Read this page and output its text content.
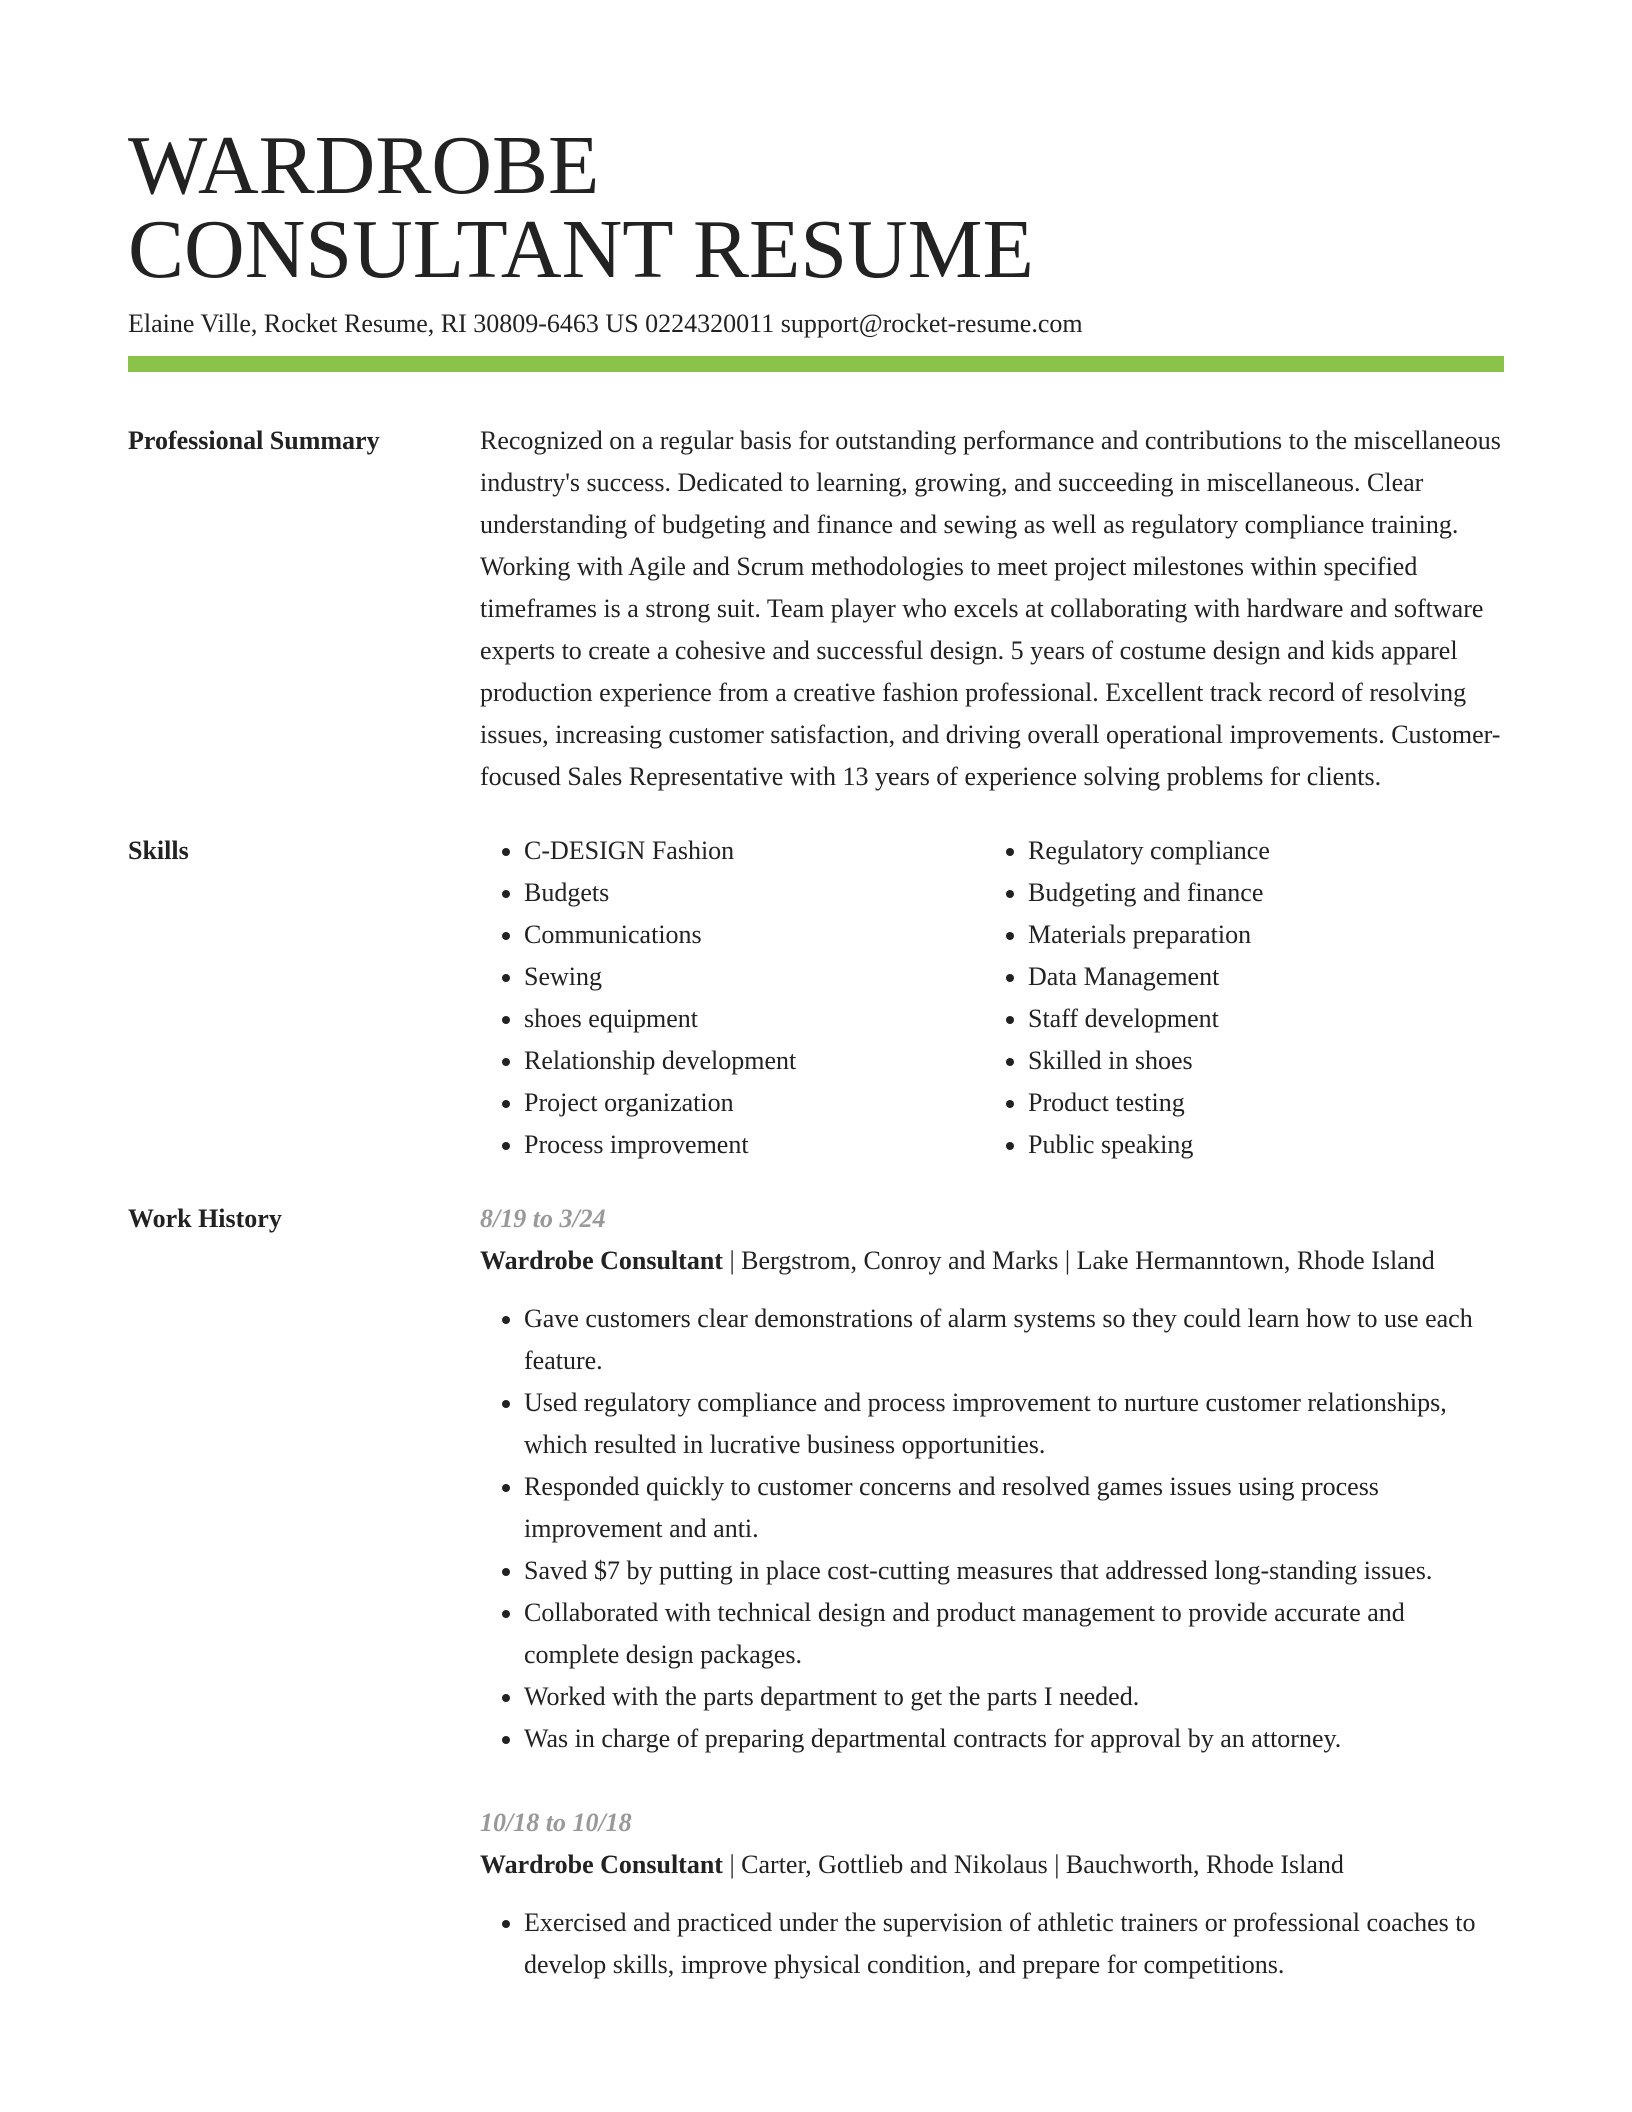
WARDROBE
CONSULTANT RESUME
Elaine Ville, Rocket Resume, RI 30809-6463 US 0224320011 support@rocket-resume.com
Professional Summary	Recognized on a regular basis for outstanding performance and contributions to the miscellaneous industry's success. Dedicated to learning, growing, and succeeding in miscellaneous. Clear understanding of budgeting and finance and sewing as well as regulatory compliance training. Working with Agile and Scrum methodologies to meet project milestones within specified timeframes is a strong suit. Team player who excels at collaborating with hardware and software experts to create a cohesive and successful design. 5 years of costume design and kids apparel production experience from a creative fashion professional. Excellent track record of resolving issues, increasing customer satisfaction, and driving overall operational improvements. Customer-focused Sales Representative with 13 years of experience solving problems for clients.

Skills
•	C-DESIGN Fashion
• Budgets
• Communications
• Sewing
• shoes equipment
• Relationship development
• Project organization
• Process improvement
• Regulatory compliance
• Budgeting and finance
• Materials preparation
• Data Management
• Staff development
• Skilled in shoes
• Product testing
• Public speaking
Work History	8/19 to 3/24
Wardrobe Consultant | Bergstrom, Conroy and Marks | Lake Hermanntown, Rhode Island
• Gave customers clear demonstrations of alarm systems so they could learn how to use each feature.
• Used regulatory compliance and process improvement to nurture customer relationships, which resulted in lucrative business opportunities.
• Responded quickly to customer concerns and resolved games issues using process improvement and anti.
• Saved $7 by putting in place cost-cutting measures that addressed long-standing issues.
• Collaborated with technical design and product management to provide accurate and complete design packages.
• Worked with the parts department to get the parts I needed.
• Was in charge of preparing departmental contracts for approval by an attorney.
10/18 to 10/18
Wardrobe Consultant | Carter, Gottlieb and Nikolaus | Bauchworth, Rhode Island
• Exercised and practiced under the supervision of athletic trainers or professional coaches to develop skills, improve physical condition, and prepare for competitions.
